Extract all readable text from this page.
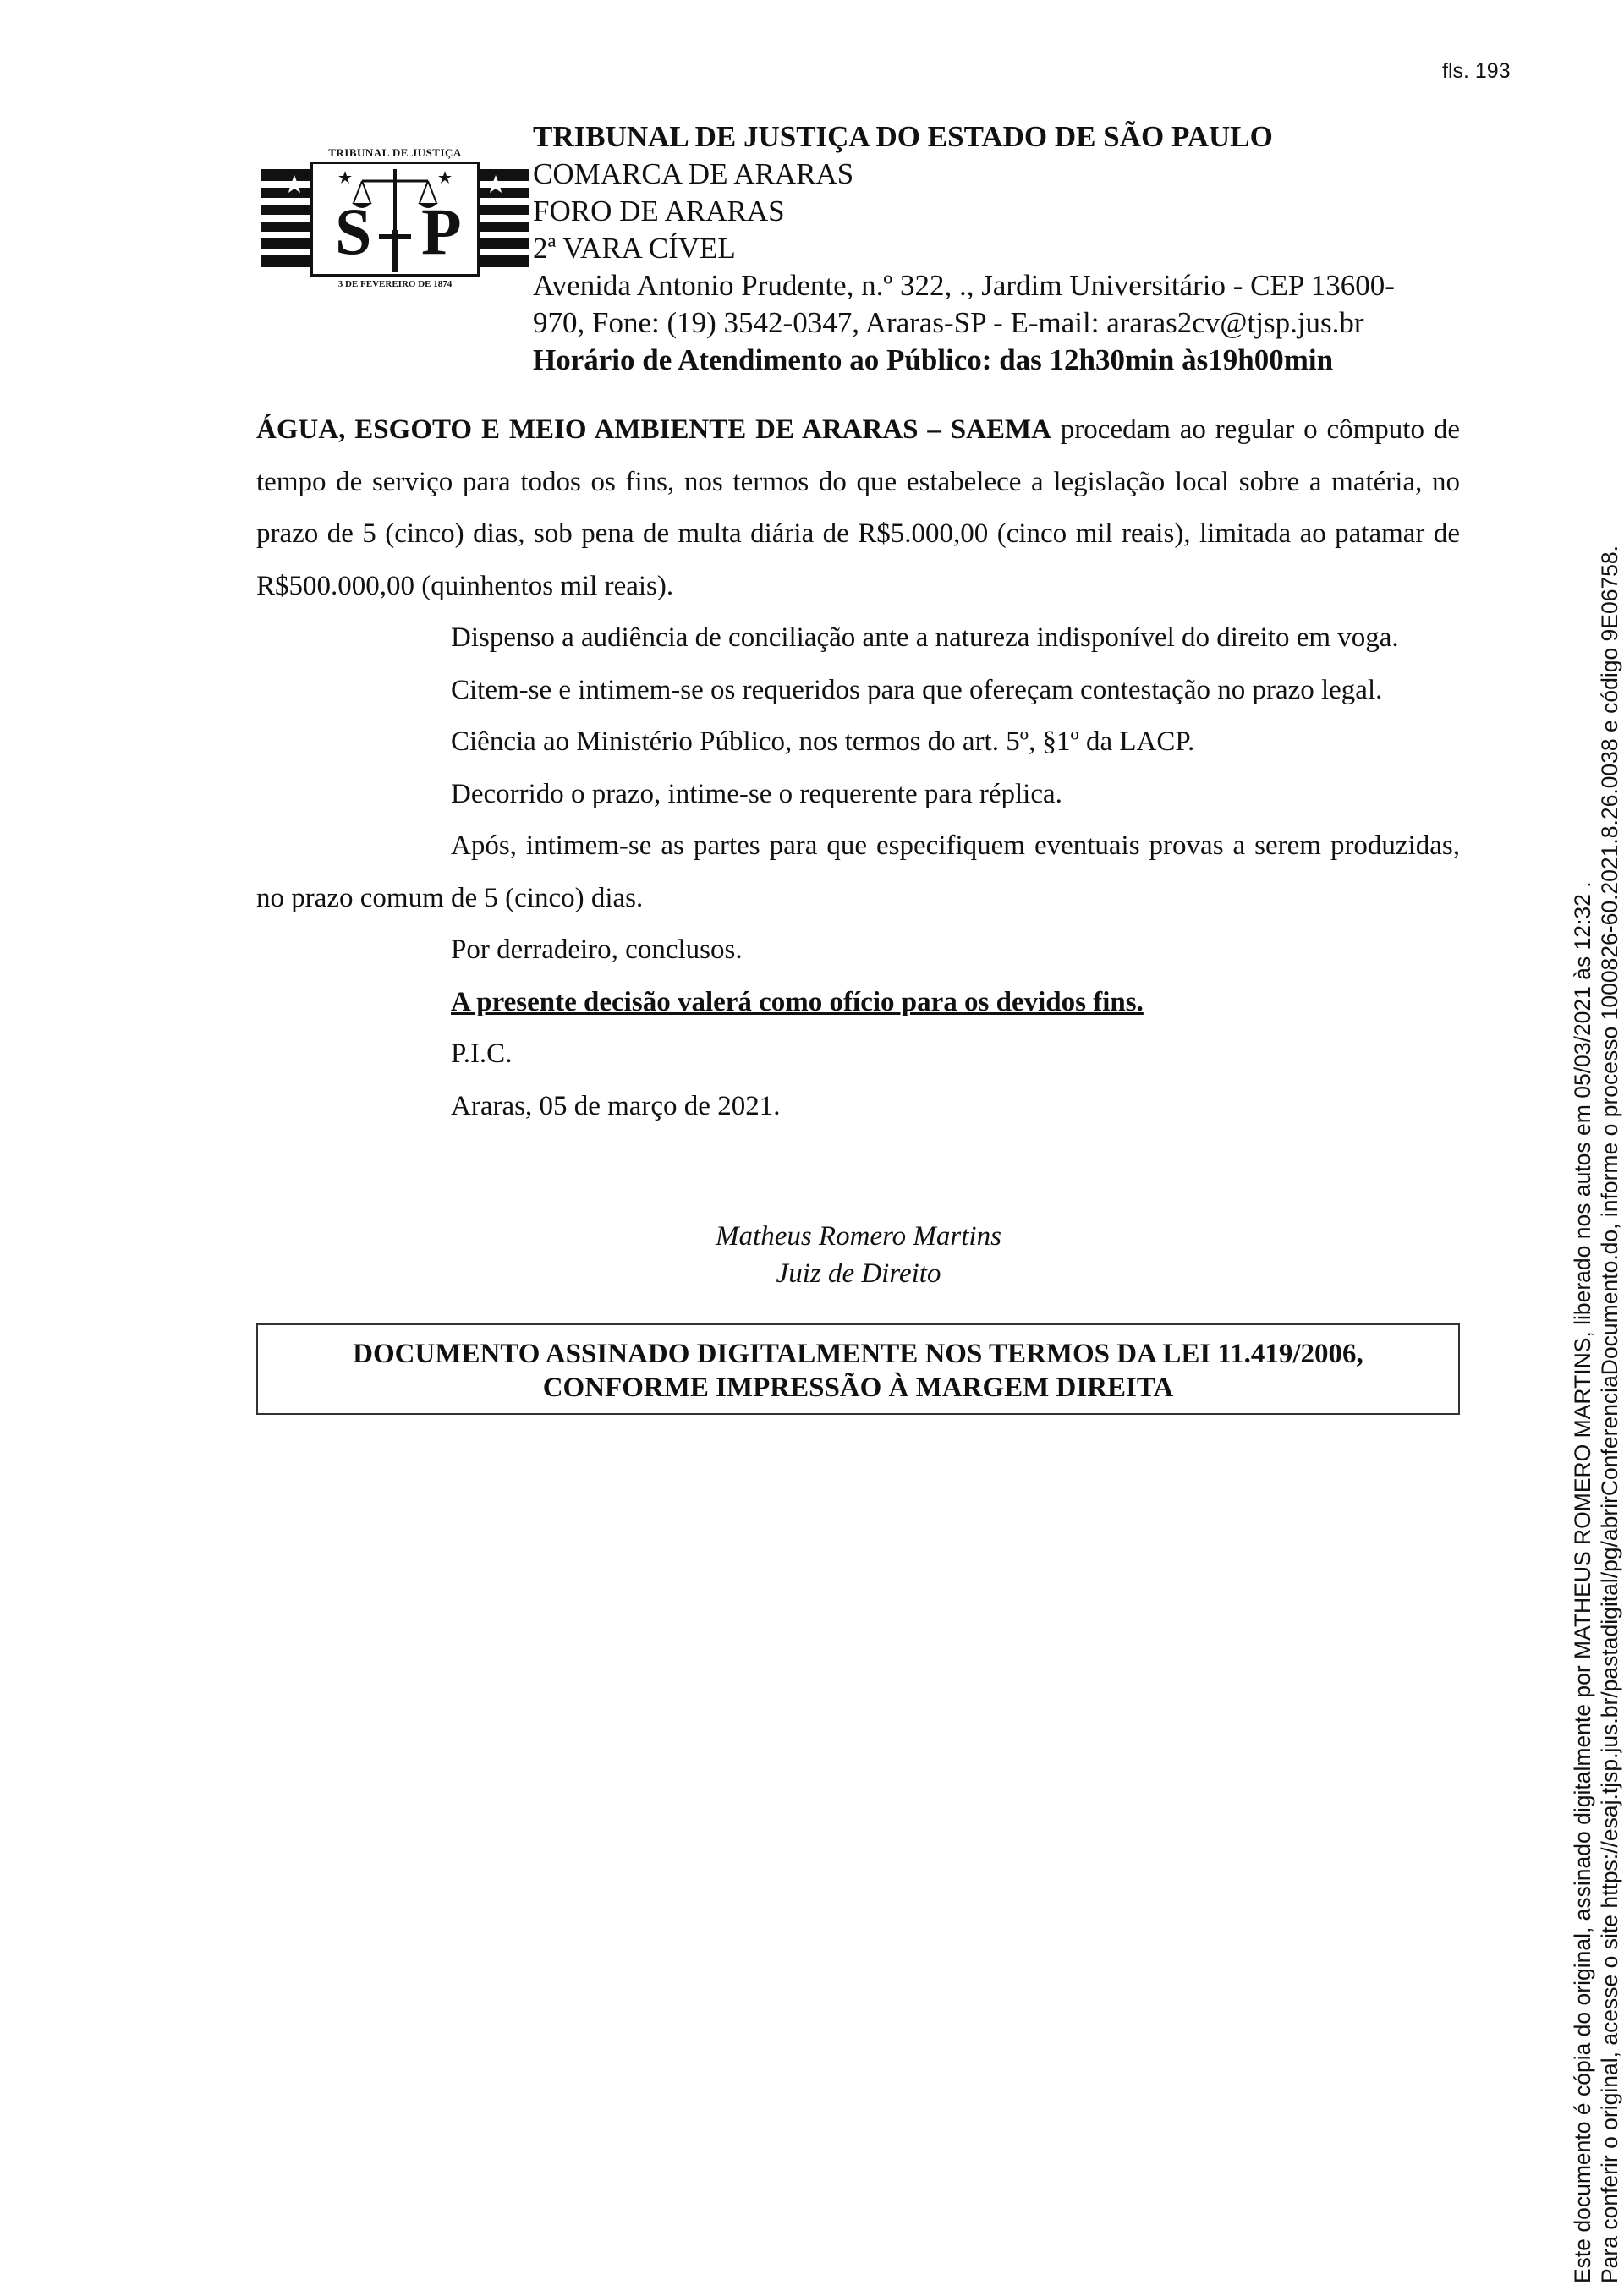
fls. 193
TRIBUNAL DE JUSTIÇA
S P
3 DE FEVEREIRO DE 1874
TRIBUNAL DE JUSTIÇA DO ESTADO DE SÃO PAULO
COMARCA DE ARARAS
FORO DE ARARAS
2ª VARA CÍVEL
Avenida Antonio Prudente, n.º 322, ., Jardim Universitário - CEP 13600-
970, Fone: (19) 3542-0347, Araras-SP - E-mail: araras2cv@tjsp.jus.br
Horário de Atendimento ao Público: das 12h30min às19h00min

ÁGUA, ESGOTO E MEIO AMBIENTE DE ARARAS – SAEMA procedam ao regular o cômputo de tempo de serviço para todos os fins, nos termos do que estabelece a legislação local sobre a matéria, no prazo de 5 (cinco) dias, sob pena de multa diária de R$5.000,00 (cinco mil reais), limitada ao patamar de R$500.000,00 (quinhentos mil reais).

Dispenso a audiência de conciliação ante a natureza indisponível do direito em voga.

Citem-se e intimem-se os requeridos para que ofereçam contestação no prazo legal.

Ciência ao Ministério Público, nos termos do art. 5º, §1º da LACP.

Decorrido o prazo, intime-se o requerente para réplica.

Após, intimem-se as partes para que especifiquem eventuais provas a serem produzidas, no prazo comum de 5 (cinco) dias.

Por derradeiro, conclusos.

A presente decisão valerá como ofício para os devidos fins.

P.I.C.

Araras, 05 de março de 2021.

Matheus Romero Martins
Juiz de Direito
DOCUMENTO ASSINADO DIGITALMENTE NOS TERMOS DA LEI 11.419/2006,
CONFORME IMPRESSÃO À MARGEM DIREITA	Este documento é cópia do original, assinado digitalmente por MATHEUS ROMERO MARTINS, liberado nos autos em 05/03/2021 às 12:32 . Para conferir o original, acesse o site https://esaj.tjsp.jus.br/pastadigital/pg/abrirConferenciaDocumento.do, informe o processo 1000826-60.2021.8.26.0038 e código 9E06758.
